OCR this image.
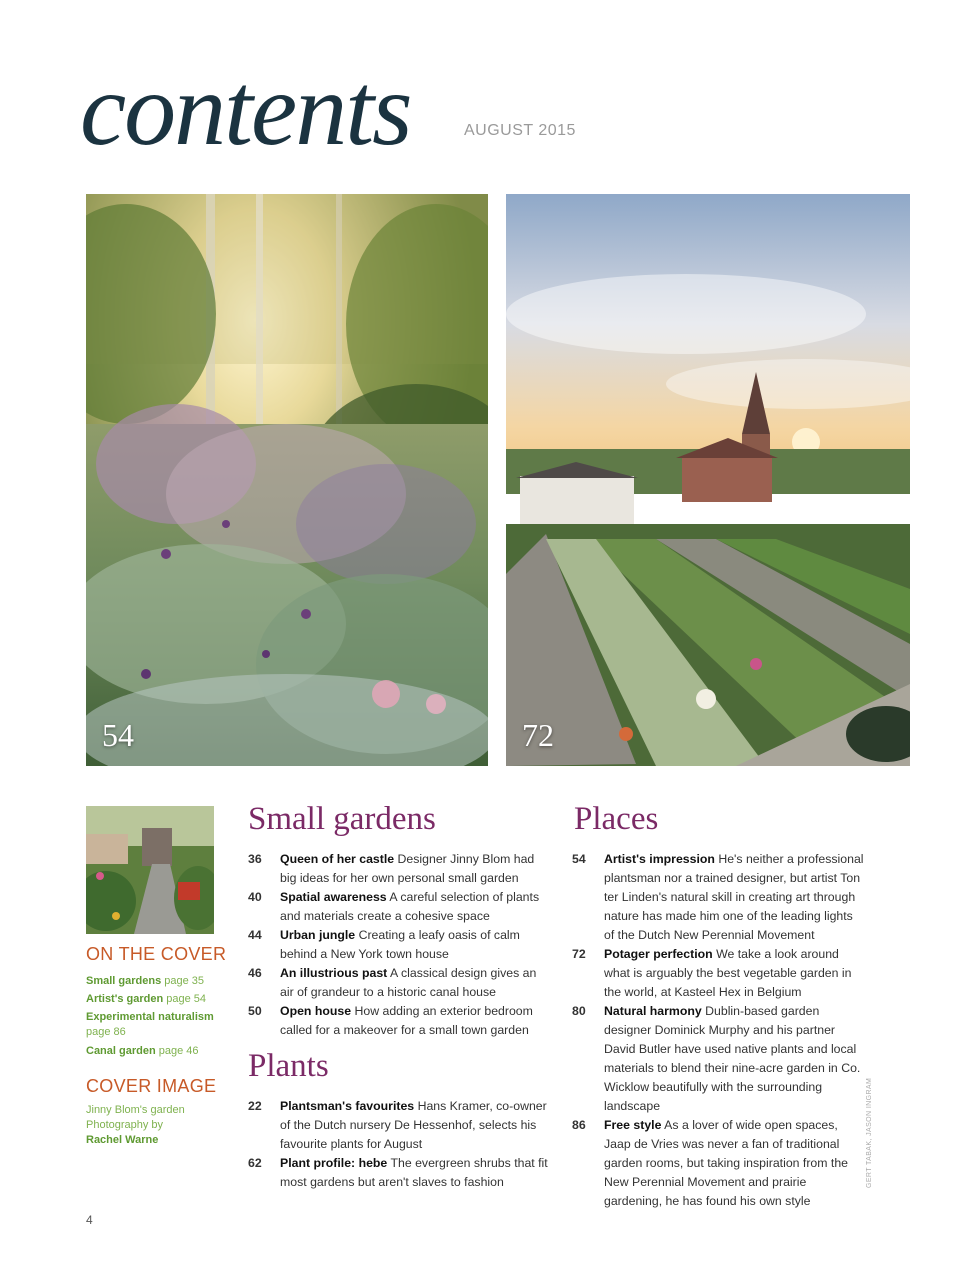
contents	AUGUST 2015
54	72
ON THE COVER
Small gardens page 35
Artist's garden page 54
Experimental naturalism
page 86
Canal garden page 46
COVER IMAGE
Jinny Blom's garden
Photography by
Rachel Warne
Small gardens
36 Queen of her castle Designer Jinny Blom had big ideas for her own personal small garden
40 Spatial awareness A careful selection of plants and materials create a cohesive space
44 Urban jungle Creating a leafy oasis of calm behind a New York town house
46 An illustrious past A classical design gives an air of grandeur to a historic canal house
50 Open house How adding an exterior bedroom called for a makeover for a small town garden
Plants
22 Plantsman's favourites Hans Kramer, co-owner of the Dutch nursery De Hessenhof, selects his favourite plants for August
62 Plant profile: hebe The evergreen shrubs that fit most gardens but aren't slaves to fashion
Places
54 Artist's impression He's neither a professional plantsman nor a trained designer, but artist Ton ter Linden's natural skill in creating art through nature has made him one of the leading lights of the Dutch New Perennial Movement
72 Potager perfection We take a look around what is arguably the best vegetable garden in the world, at Kasteel Hex in Belgium
80 Natural harmony Dublin-based garden designer Dominick Murphy and his partner David Butler have used native plants and local materials to blend their nine-acre garden in Co. Wicklow beautifully with the surrounding landscape
86 Free style As a lover of wide open spaces, Jaap de Vries was never a fan of traditional garden rooms, but taking inspiration from the New Perennial Movement and prairie gardening, he has found his own style
GERT TABAK, JASON INGRAM
4
